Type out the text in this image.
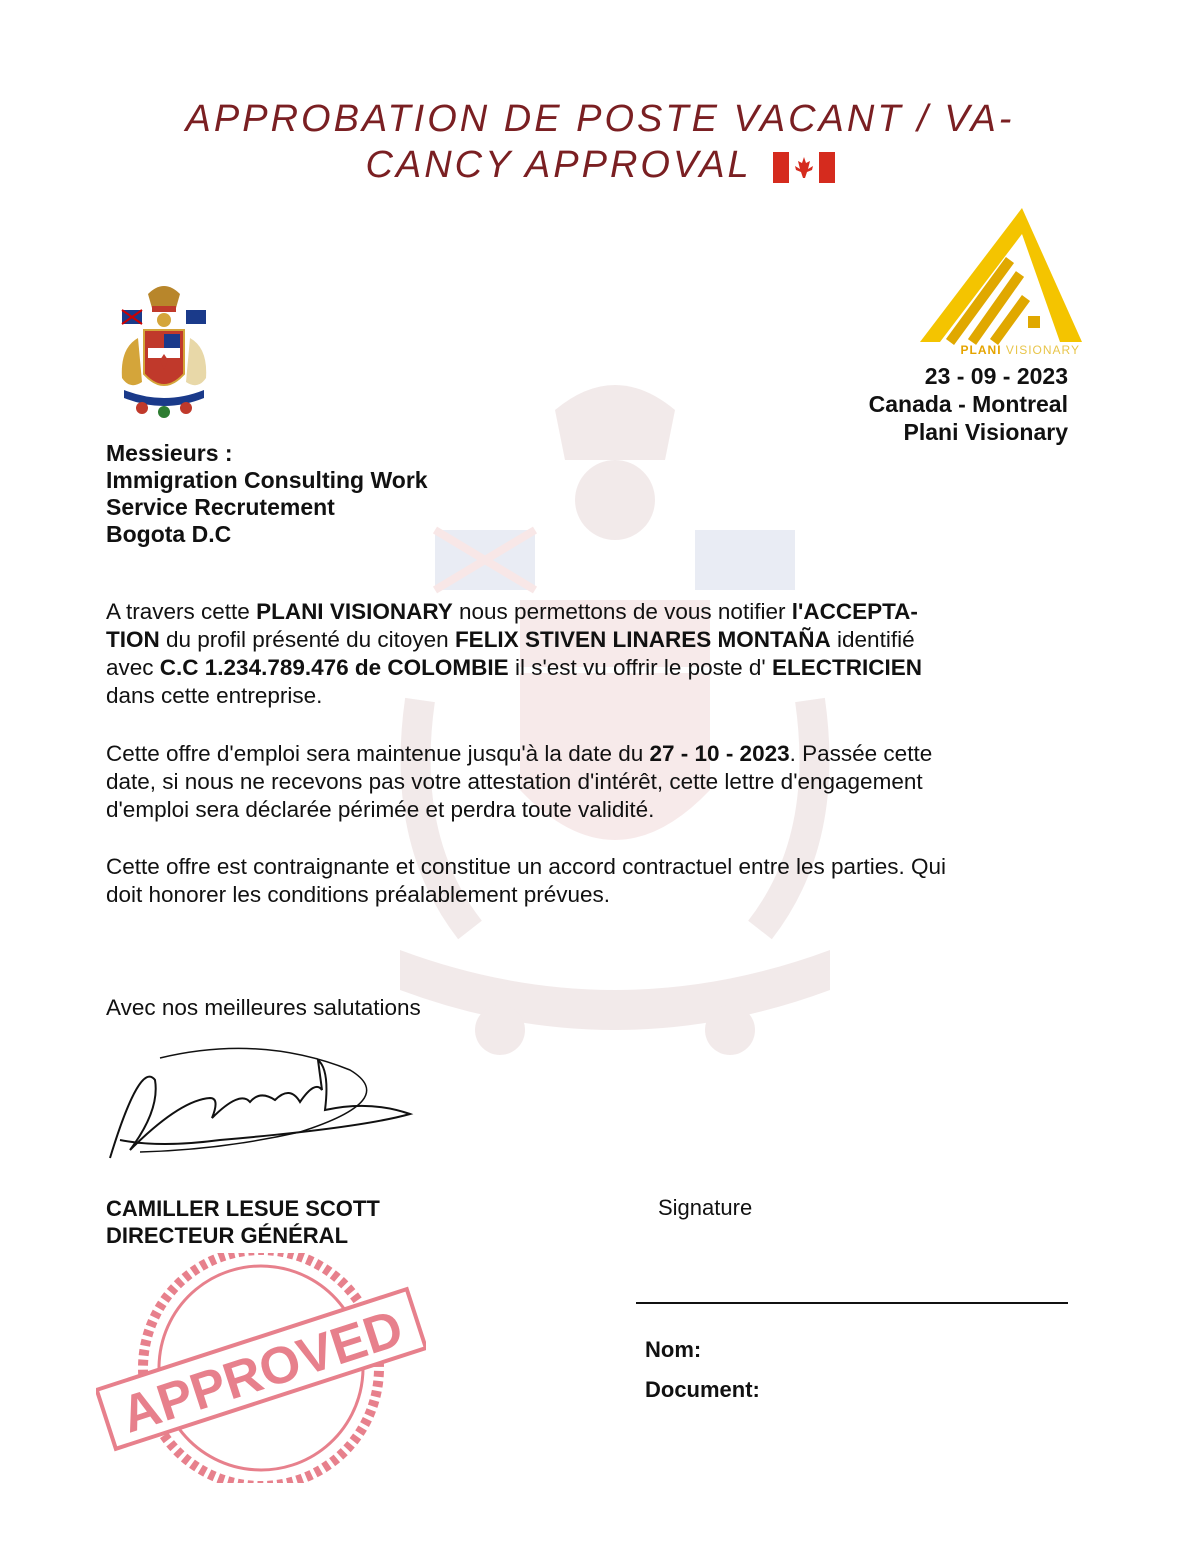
APPROBATION DE POSTE VACANT / VA-
CANCY APPROVAL
PLANI VISIONARY
23 - 09 - 2023
Canada - Montreal
Plani Visionary
Messieurs :
Immigration Consulting Work
Service Recrutement
Bogota D.C
A travers cette PLANI VISIONARY nous permettons de vous notifier l'ACCEPTA-
TION du profil présenté du citoyen FELIX STIVEN LINARES MONTAÑA identifié
avec C.C 1.234.789.476 de COLOMBIE il s'est vu offrir le poste d' ELECTRICIEN
dans cette entreprise.
Cette offre d'emploi sera maintenue jusqu'à la date du 27 - 10 - 2023. Passée cette
date, si nous ne recevons pas votre attestation d'intérêt, cette lettre d'engagement
d'emploi sera déclarée périmée et perdra toute validité.
Cette offre est contraignante et constitue un accord contractuel entre les parties. Qui
doit honorer les conditions préalablement prévues.
Avec nos meilleures salutations
CAMILLER LESUE SCOTT
DIRECTEUR GÉNÉRAL
APPROVED
Signature
Nom:
Document:
